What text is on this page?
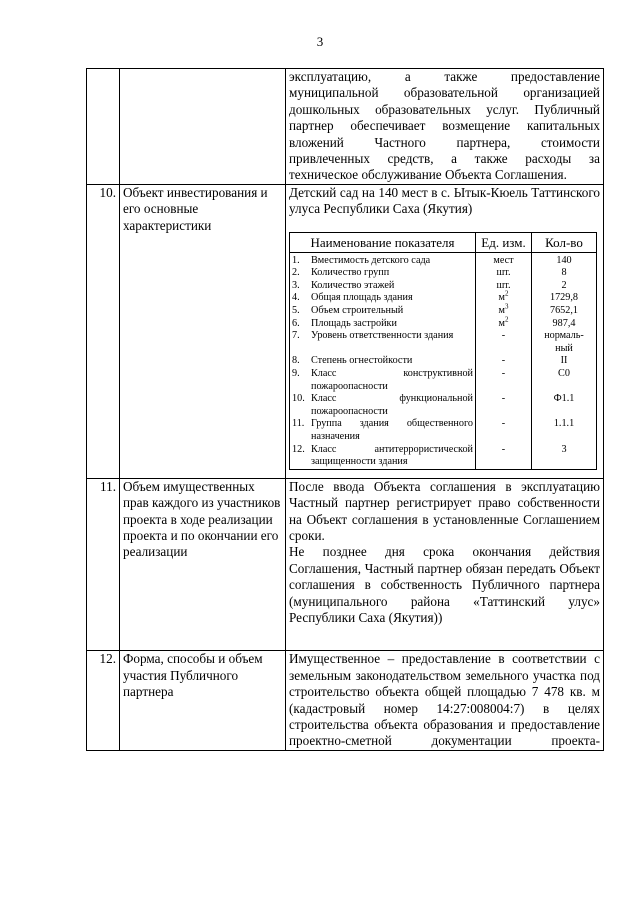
3

эксплуатацию, а также предоставление муниципальной образовательной организацией дошкольных образовательных услуг. Публичный партнер обеспечивает возмещение капитальных вложений Частного партнера, стоимости привлеченных средств, а также расходы за техническое обслуживание Объекта Соглашения.

10.	Объект инвестирования и его основные характеристики	
Детский сад на 140 мест в с. Ытык-Кюель Таттинского улуса Республики Саха (Якутия)
Наименование показателя	Ед. изм.	Кол-во

1.	Вместимость детского сада	мест	140

2.	Количество групп	шт.	8

3.	Количество этажей	шт.	2

4.	Общая площадь здания	$м^2$	1729,8

5.	Объем строительный	$м^3$	7652,1

6.	Площадь застройки	$м^2$	987,4

7.	Уровень ответственности здания	-	нормаль-ный

8.	Степень огнестойкости	-	II

9.	Класс конструктивной пожароопасности
	-	С0

10. Класс функциональной пожароопасности
	-	Ф1.1

11. Группа здания общественного назначения
	-	1.1.1

12. Класс антитеррористической защищенности здания
	-	3

11.	Объем имущественных прав каждого из участников проекта в ходе реализации проекта и по окончании его реализации	
После ввода Объекта соглашения в эксплуатацию Частный партнер регистрирует право собственности на Объект соглашения в установленные Соглашением сроки.
Не позднее дня срока окончания действия Соглашения, Частный партнер обязан передать Объект соглашения в собственность Публичного партнера (муниципального района «Таттинский улус» Республики Саха (Якутия))

12.	Форма, способы и объем участия Публичного партнера	
Имущественное – предоставление в соответствии с земельным законодательством земельного участка под строительство объекта общей площадью 7 478 кв. м (кадастровый номер 14:27:008004:7) в целях строительства объекта образования и предоставление проектно-сметной документации проекта-
